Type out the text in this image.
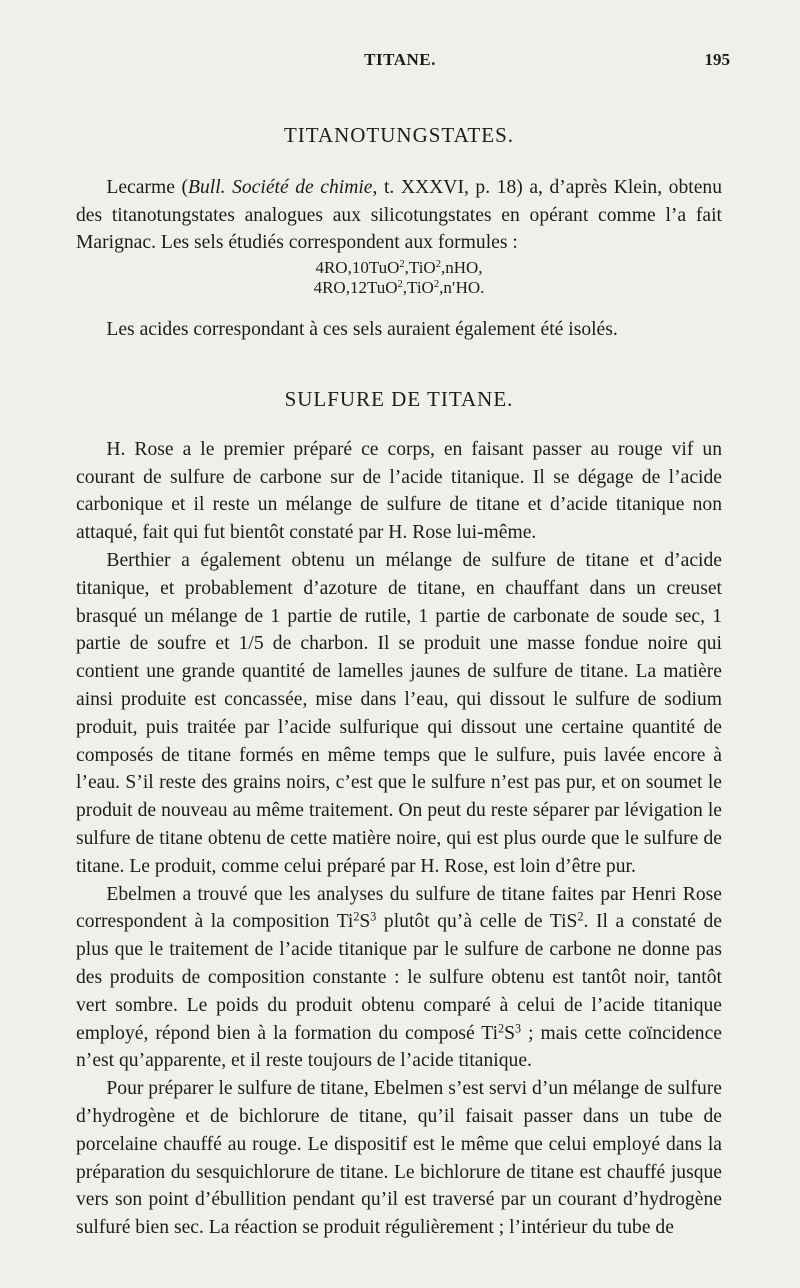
TITANE.	195
TITANOTUNGSTATES.

Lecarme (Bull. Société de chimie, t. XXXVI, p. 18) a, d’après Klein, obtenu des titanotungstates analogues aux silicotungstates en opérant comme l’a fait Marignac. Les sels étudiés correspondent aux formules :

4RO,10TuO$^2$,TiO$^2$,nHO,
4RO,12TuO$^2$,TiO$^2$,n′HO.

Les acides correspondant à ces sels auraient également été isolés.

SULFURE DE TITANE.

H. Rose a le premier préparé ce corps, en faisant passer au rouge vif un courant de sulfure de carbone sur de l’acide titanique. Il se dégage de l’acide carbonique et il reste un mélange de sulfure de titane et d’acide titanique non attaqué, fait qui fut bientôt constaté par H. Rose lui-même.

Berthier a également obtenu un mélange de sulfure de titane et d’acide titanique, et probablement d’azoture de titane, en chauffant dans un creuset brasqué un mélange de 1 partie de rutile, 1 partie de carbonate de soude sec, 1 partie de soufre et 1/5 de charbon. Il se produit une masse fondue noire qui contient une grande quantité de lamelles jaunes de sulfure de titane. La matière ainsi produite est concassée, mise dans l’eau, qui dissout le sulfure de sodium produit, puis traitée par l’acide sulfurique qui dissout une certaine quantité de composés de titane formés en même temps que le sulfure, puis lavée encore à l’eau. S’il reste des grains noirs, c’est que le sulfure n’est pas pur, et on soumet le produit de nouveau au même traitement. On peut du reste séparer par lévigation le sulfure de titane obtenu de cette matière noire, qui est plus ourde que le sulfure de titane. Le produit, comme celui préparé par H. Rose, est loin d’être pur.

Ebelmen a trouvé que les analyses du sulfure de titane faites par Henri Rose correspondent à la composition $Ti^2S^3$ plutôt qu’à celle de TiS$^2$. Il a constaté de plus que le traitement de l’acide titanique par le sulfure de carbone ne donne pas des produits de composition constante : le sulfure obtenu est tantôt noir, tantôt vert sombre. Le poids du produit obtenu comparé à celui de l’acide titanique employé, répond bien à la formation du composé $Ti^2S^3$ ; mais cette coïncidence n’est qu’apparente, et il reste toujours de l’acide titanique.

Pour préparer le sulfure de titane, Ebelmen s’est servi d’un mélange de sulfure d’hydrogène et de bichlorure de titane, qu’il faisait passer dans un tube de porcelaine chauffé au rouge. Le dispositif est le même que celui employé dans la préparation du sesquichlorure de titane. Le bichlorure de titane est chauffé jusque vers son point d’ébullition pendant qu’il est traversé par un courant d’hydrogène sulfuré bien sec. La réaction se produit régulièrement ; l’intérieur du tube de
